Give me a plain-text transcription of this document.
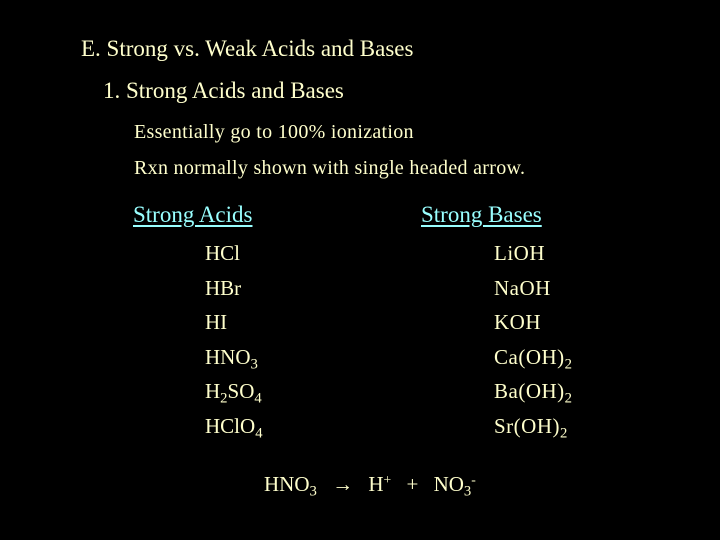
E. Strong vs. Weak Acids and Bases
1. Strong Acids and Bases
Essentially go to 100% ionization
Rxn normally shown with single headed arrow.
Strong Acids	Strong Bases
HCl
HBr
HI
$HNO_3$
$H_2SO_4$
HClO$_4$
LiOH
NaOH
KOH
$Ca(OH)_2$
$Ba(OH)_2$
$Sr(OH)_2$
$HNO_3 \to H^+ + NO_3^-$
